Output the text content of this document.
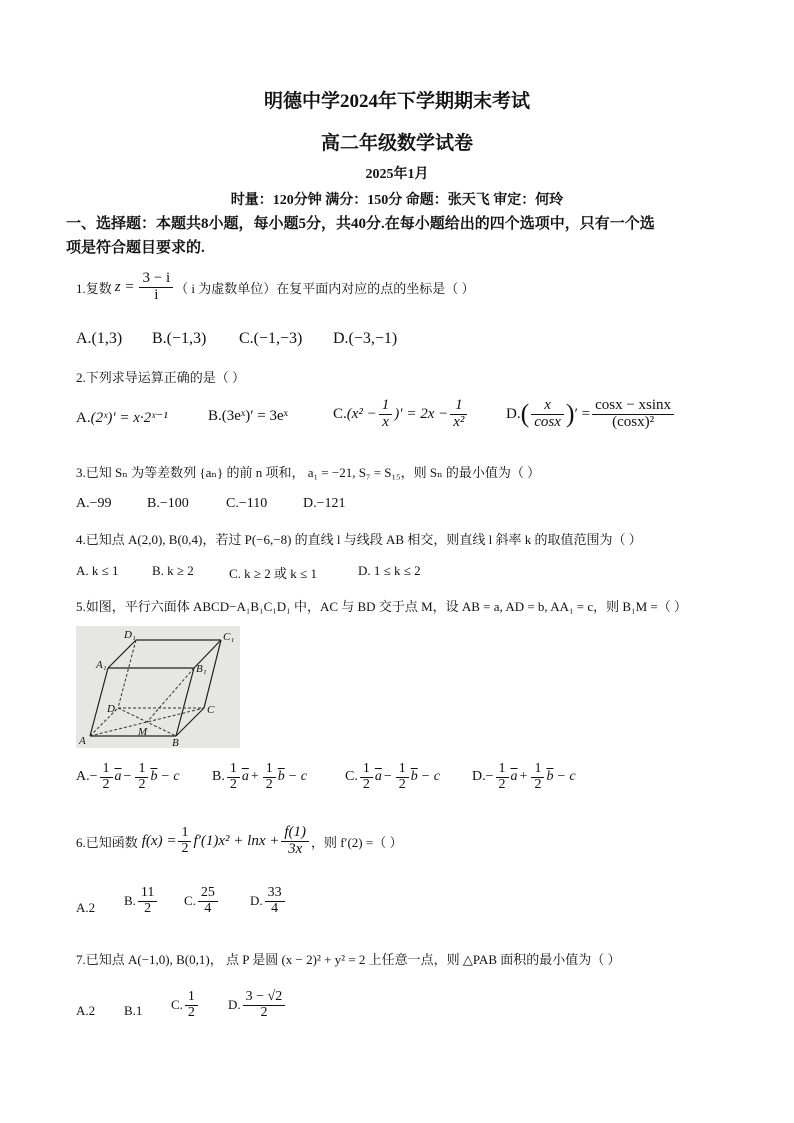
明德中学2024年下学期期末考试
高二年级数学试卷
2025年1月
时量：120分钟 满分：150分 命题：张天飞 审定：何玲
一、选择题：本题共8小题，每小题5分，共40分.在每小题给出的四个选项中，只有一个选
项是符合题目要求的.
1.复数 $z = \frac{3 - i}{i}$ （ i 为虚数单位）在复平面内对应的点的坐标是（ ）
A.(1,3) B.(−1,3) C.(−1,−3) D.(−3,−1)
2.下列求导运算正确的是（ ）
A.(2ˣ)′ = x·2ˣ⁻¹	B.(3eˣ)′ = 3eˣ	C. ($x^2 - \frac{1}{x}$ )′ = $2x - \frac{1}{\text{x²}}$	D. ( $\frac{x}{\cos x}$ ) ′ = $\frac{\cos x - xsinx}{\text{(cosx)²}}$
3.已知 Sₙ 为等差数列 {aₙ} 的前 n 项和， a₁ = −21, S₇ = S₁₅，则 Sₙ 的最小值为（ ）
A.−99	B.−100	C.−110	D.−121
4.已知点 A(2,0), B(0,4)，若过 P(−6,−8) 的直线 l 与线段 AB 相交，则直线 l 斜率 k 的取值范围为（ ）
A. k ≤ 1	B. k ≥ 2	C. k ≥ 2 或 k ≤ 1	D. 1 ≤ k ≤ 2
5.如图，平行六面体 ABCD−A₁B₁C₁D₁ 中，AC 与 BD 交于点 M，设 AB = a, AD = b, AA₁ = c，则 B₁M =（ ）
D₁	C₁
A₁	B₁
D	C
M
A	B
A. − $\frac{1}{2} \overline{a} - \frac{1}{2} \overline{b} - c$ B. $\frac{1}{2} \overline{a} + \frac{1}{2} \overline{b} - c$	C. $\frac{1}{2} \overline{a} - \frac{1}{2} \overline{b} - c$ D. − $\frac{1}{2} \overline{a} + \frac{1}{2} \overline{b} - c$
6.已知函数 $f(x) = \frac{1}{2} f'(1)x^2 + \ln x + \frac{f(1)}{3x}$ ，则 f′(2) =（ ）
A.2 B. $\frac{11}{2} C$. $\frac{25}{4} D$. $\frac{33}{4}$
7.已知点 A(−1,0), B(0,1)， 点 P 是圆 (x − 2)² + y² = 2 上任意一点，则 △PAB 面积的最小值为（ ）
A.2 B.1 C. $\frac{1}{2} D$. $\frac{3 - √2}{2}$
